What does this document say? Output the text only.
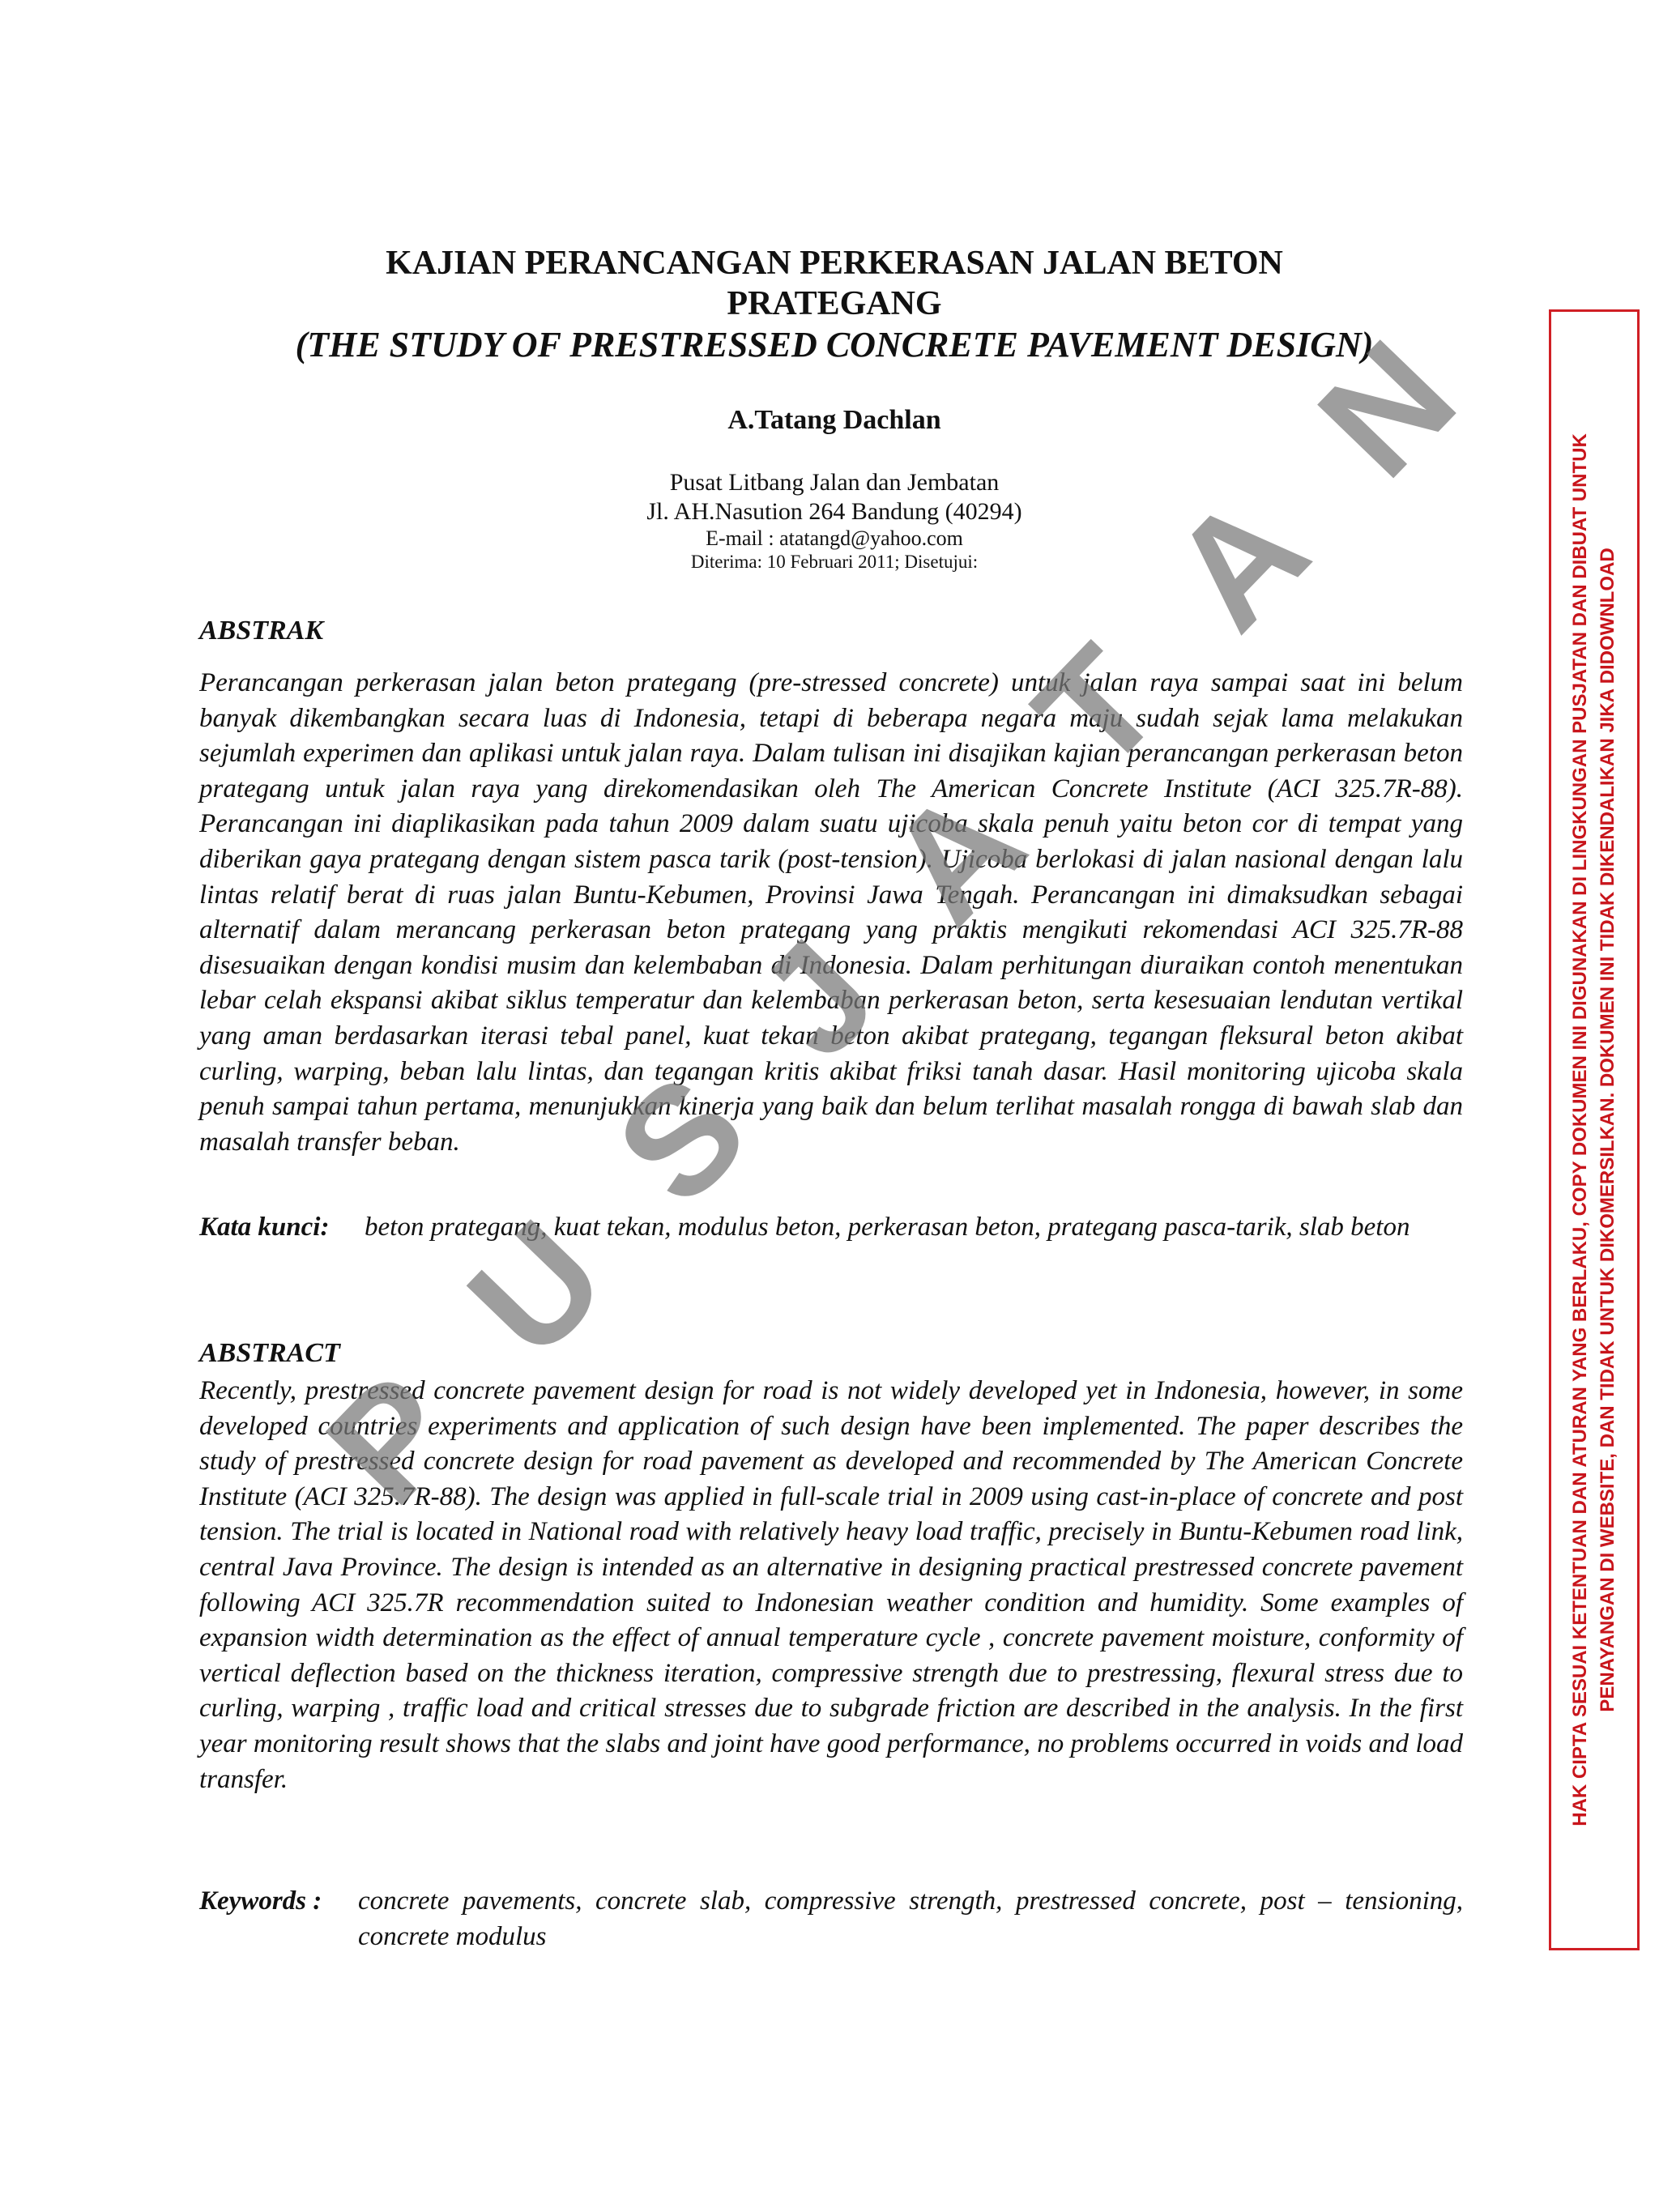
KAJIAN PERANCANGAN PERKERASAN JALAN BETON

PRATEGANG

(THE STUDY OF PRESTRESSED CONCRETE PAVEMENT DESIGN)

A.Tatang Dachlan
Pusat Litbang Jalan dan Jembatan
Jl. AH.Nasution 264 Bandung (40294)
E-mail : atatangd@yahoo.com
Diterima: 10 Februari 2011; Disetujui:
ABSTRAK
Perancangan perkerasan jalan beton prategang (pre-stressed concrete) untuk jalan raya sampai saat ini belum banyak dikembangkan secara luas di Indonesia, tetapi di beberapa negara maju sudah sejak lama melakukan sejumlah experimen dan aplikasi untuk jalan raya. Dalam tulisan ini disajikan kajian perancangan perkerasan beton prategang untuk jalan raya yang direkomendasikan oleh The American Concrete Institute (ACI 325.7R-88). Perancangan ini diaplikasikan pada tahun 2009 dalam suatu ujicoba skala penuh yaitu beton cor di tempat yang diberikan gaya prategang dengan sistem pasca tarik (post-tension). Ujicoba berlokasi di jalan nasional dengan lalu lintas relatif berat di ruas jalan Buntu-Kebumen, Provinsi Jawa Tengah. Perancangan ini dimaksudkan sebagai alternatif dalam merancang perkerasan beton prategang yang praktis mengikuti rekomendasi ACI 325.7R-88 disesuaikan dengan kondisi musim dan kelembaban di Indonesia. Dalam perhitungan diuraikan contoh menentukan lebar celah ekspansi akibat siklus temperatur dan kelembaban perkerasan beton, serta kesesuaian lendutan vertikal yang aman berdasarkan iterasi tebal panel, kuat tekan beton akibat prategang, tegangan fleksural beton akibat curling, warping, beban lalu lintas, dan tegangan kritis akibat friksi tanah dasar. Hasil monitoring ujicoba skala penuh sampai tahun pertama, menunjukkan kinerja yang baik dan belum terlihat masalah rongga di bawah slab dan masalah transfer beban.
Kata kunci: beton prategang, kuat tekan, modulus beton, perkerasan beton, prategang pasca-tarik, slab beton
ABSTRACT
Recently, prestressed concrete pavement design for road is not widely developed yet in Indonesia, however, in some developed countries experiments and application of such design have been implemented. The paper describes the study of prestressed concrete design for road pavement as developed and recommended by The American Concrete Institute (ACI 325.7R-88). The design was applied in full-scale trial in 2009 using cast-in-place of concrete and post tension. The trial is located in National road with relatively heavy load traffic, precisely in Buntu-Kebumen road link, central Java Province. The design is intended as an alternative in designing practical prestressed concrete pavement following ACI 325.7R recommendation suited to Indonesian weather condition and humidity. Some examples of expansion width determination as the effect of annual temperature cycle , concrete pavement moisture, conformity of vertical deflection based on the thickness iteration, compressive strength due to prestressing, flexural stress due to curling, warping , traffic load and critical stresses due to subgrade friction are described in the analysis. In the first year monitoring result shows that the slabs and joint have good performance, no problems occurred in voids and load transfer.
Keywords : concrete pavements, concrete slab, compressive strength, prestressed concrete, post – tensioning, concrete modulus
P
U
S
J
A
T
A
N
HAK CIPTA SESUAI KETENTUAN DAN ATURAN YANG BERLAKU, COPY DOKUMEN INI DIGUNAKAN DI LINGKUNGAN PUSJATAN DAN DIBUAT UNTUK PENAYANGAN DI WEBSITE, DAN TIDAK UNTUK DIKOMERSILKAN. DOKUMEN INI TIDAK DIKENDALIKAN JIKA DIDOWNLOAD
